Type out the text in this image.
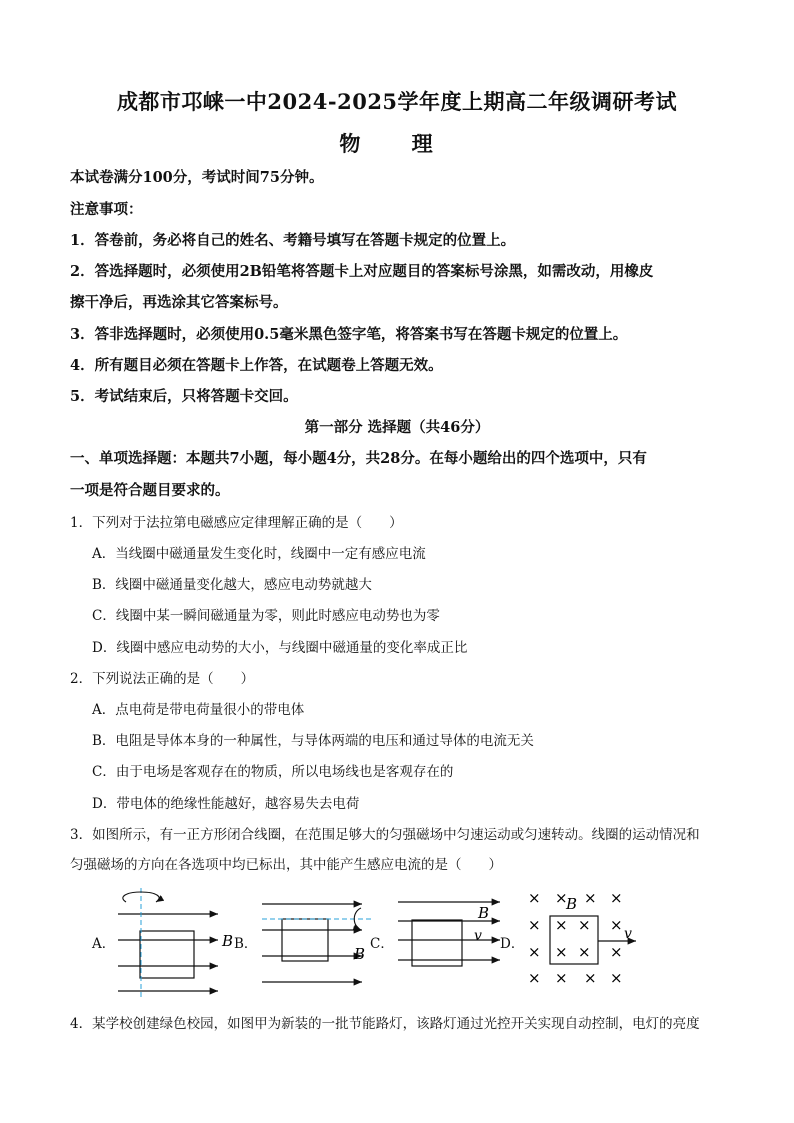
成都市邛崃一中2024-2025学年度上期高二年级调研考试
物 理
本试卷满分100分，考试时间75分钟。
注意事项：
1．答卷前，务必将自己的姓名、考籍号填写在答题卡规定的位置上。
2．答选择题时，必须使用2B铅笔将答题卡上对应题目的答案标号涂黑，如需改动，用橡皮
擦干净后，再选涂其它答案标号。
3．答非选择题时，必须使用0.5毫米黑色签字笔，将答案书写在答题卡规定的位置上。
4．所有题目必须在答题卡上作答，在试题卷上答题无效。
5．考试结束后，只将答题卡交回。
第一部分 选择题（共46分）
一、单项选择题：本题共7小题，每小题4分，共28分。在每小题给出的四个选项中，只有
一项是符合题目要求的。
1．下列对于法拉第电磁感应定律理解正确的是（　　）
A．当线圈中磁通量发生变化时，线圈中一定有感应电流
B．线圈中磁通量变化越大，感应电动势就越大
C．线圈中某一瞬间磁通量为零，则此时感应电动势也为零
D．线圈中感应电动势的大小，与线圈中磁通量的变化率成正比
2．下列说法正确的是（　　）
A．点电荷是带电荷量很小的带电体
B．电阻是导体本身的一种属性，与导体两端的电压和通过导体的电流无关
C．由于电场是客观存在的物质，所以电场线也是客观存在的
D．带电体的绝缘性能越好，越容易失去电荷
3．如图所示，有一正方形闭合线圈，在范围足够大的匀强磁场中匀速运动或匀速转动。线圈的运动情况和
匀强磁场的方向在各选项中均已标出，其中能产生感应电流的是（　　）
A．	B．	C．	D．
B
B
B
v
× × × ×
× × × ×
× × × ×
× × × ×
B
v
4．某学校创建绿色校园，如图甲为新装的一批节能路灯，该路灯通过光控开关实现自动控制，电灯的亮度
